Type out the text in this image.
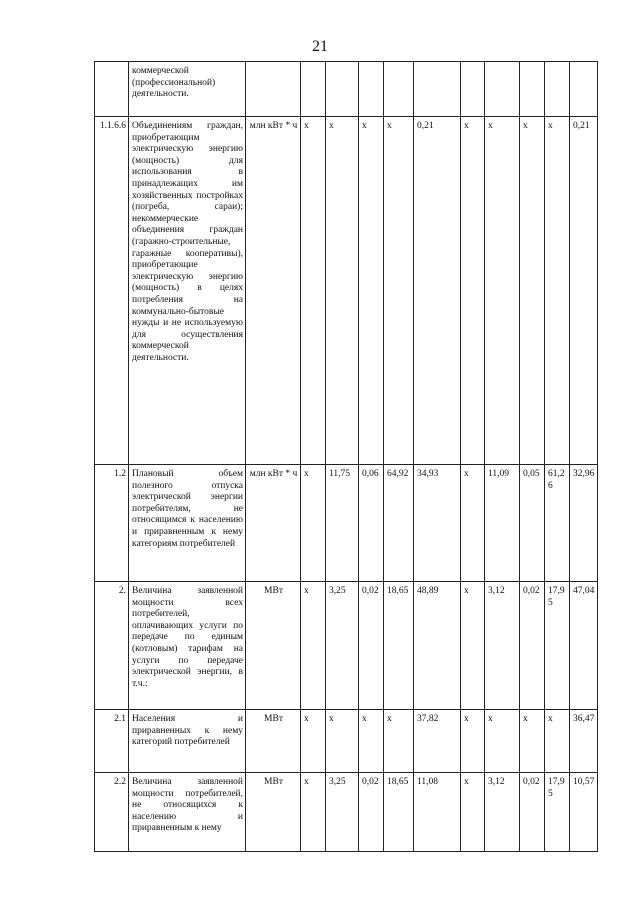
21
	коммерческой (профессиональной) деятельности.												
1.1.6.6	Объединениям граждан, приобретающим электрическую энергию (мощность) для использования в принадлежащих им хозяйственных постройках (погреба, сараи); некоммерческие объединения граждан (гаражно-строительные, гаражные кооперативы), приобретающие электрическую энергию (мощность) в целях потребления на коммунально-бытовые нужды и не используемую для осуществления коммерческой деятельности.	млн кВт * ч	х	х	х	х	0,21	х	х	х	х	0,21	
1.2	Плановый объем полезного отпуска электрической энергии потребителям, не относящимся к населению и приравненным к нему категориям потребителей	млн кВт * ч	х	11,75	0,06	64,92	34,93	х	11,09	0,05	61,26	32,96	
2.	Величина заявленной мощности всех потребителей, оплачивающих услуги по передаче по единым (котловым) тарифам на услуги по передаче электрической энергии, в т.ч.:	МВт	х	3,25	0,02	18,65	48,89	х	3,12	0,02	17,95	47,04	
2.1	Населения и приравненных к нему категорий потребителей	МВт	х	х	х	х	37,82	х	х	х	х	36,47	
2.2	Величина заявленной мощности потребителей, не относящихся к населению и приравненным к нему	МВт	х	3,25	0,02	18,65	11,08	х	3,12	0,02	17,95	10,57	
